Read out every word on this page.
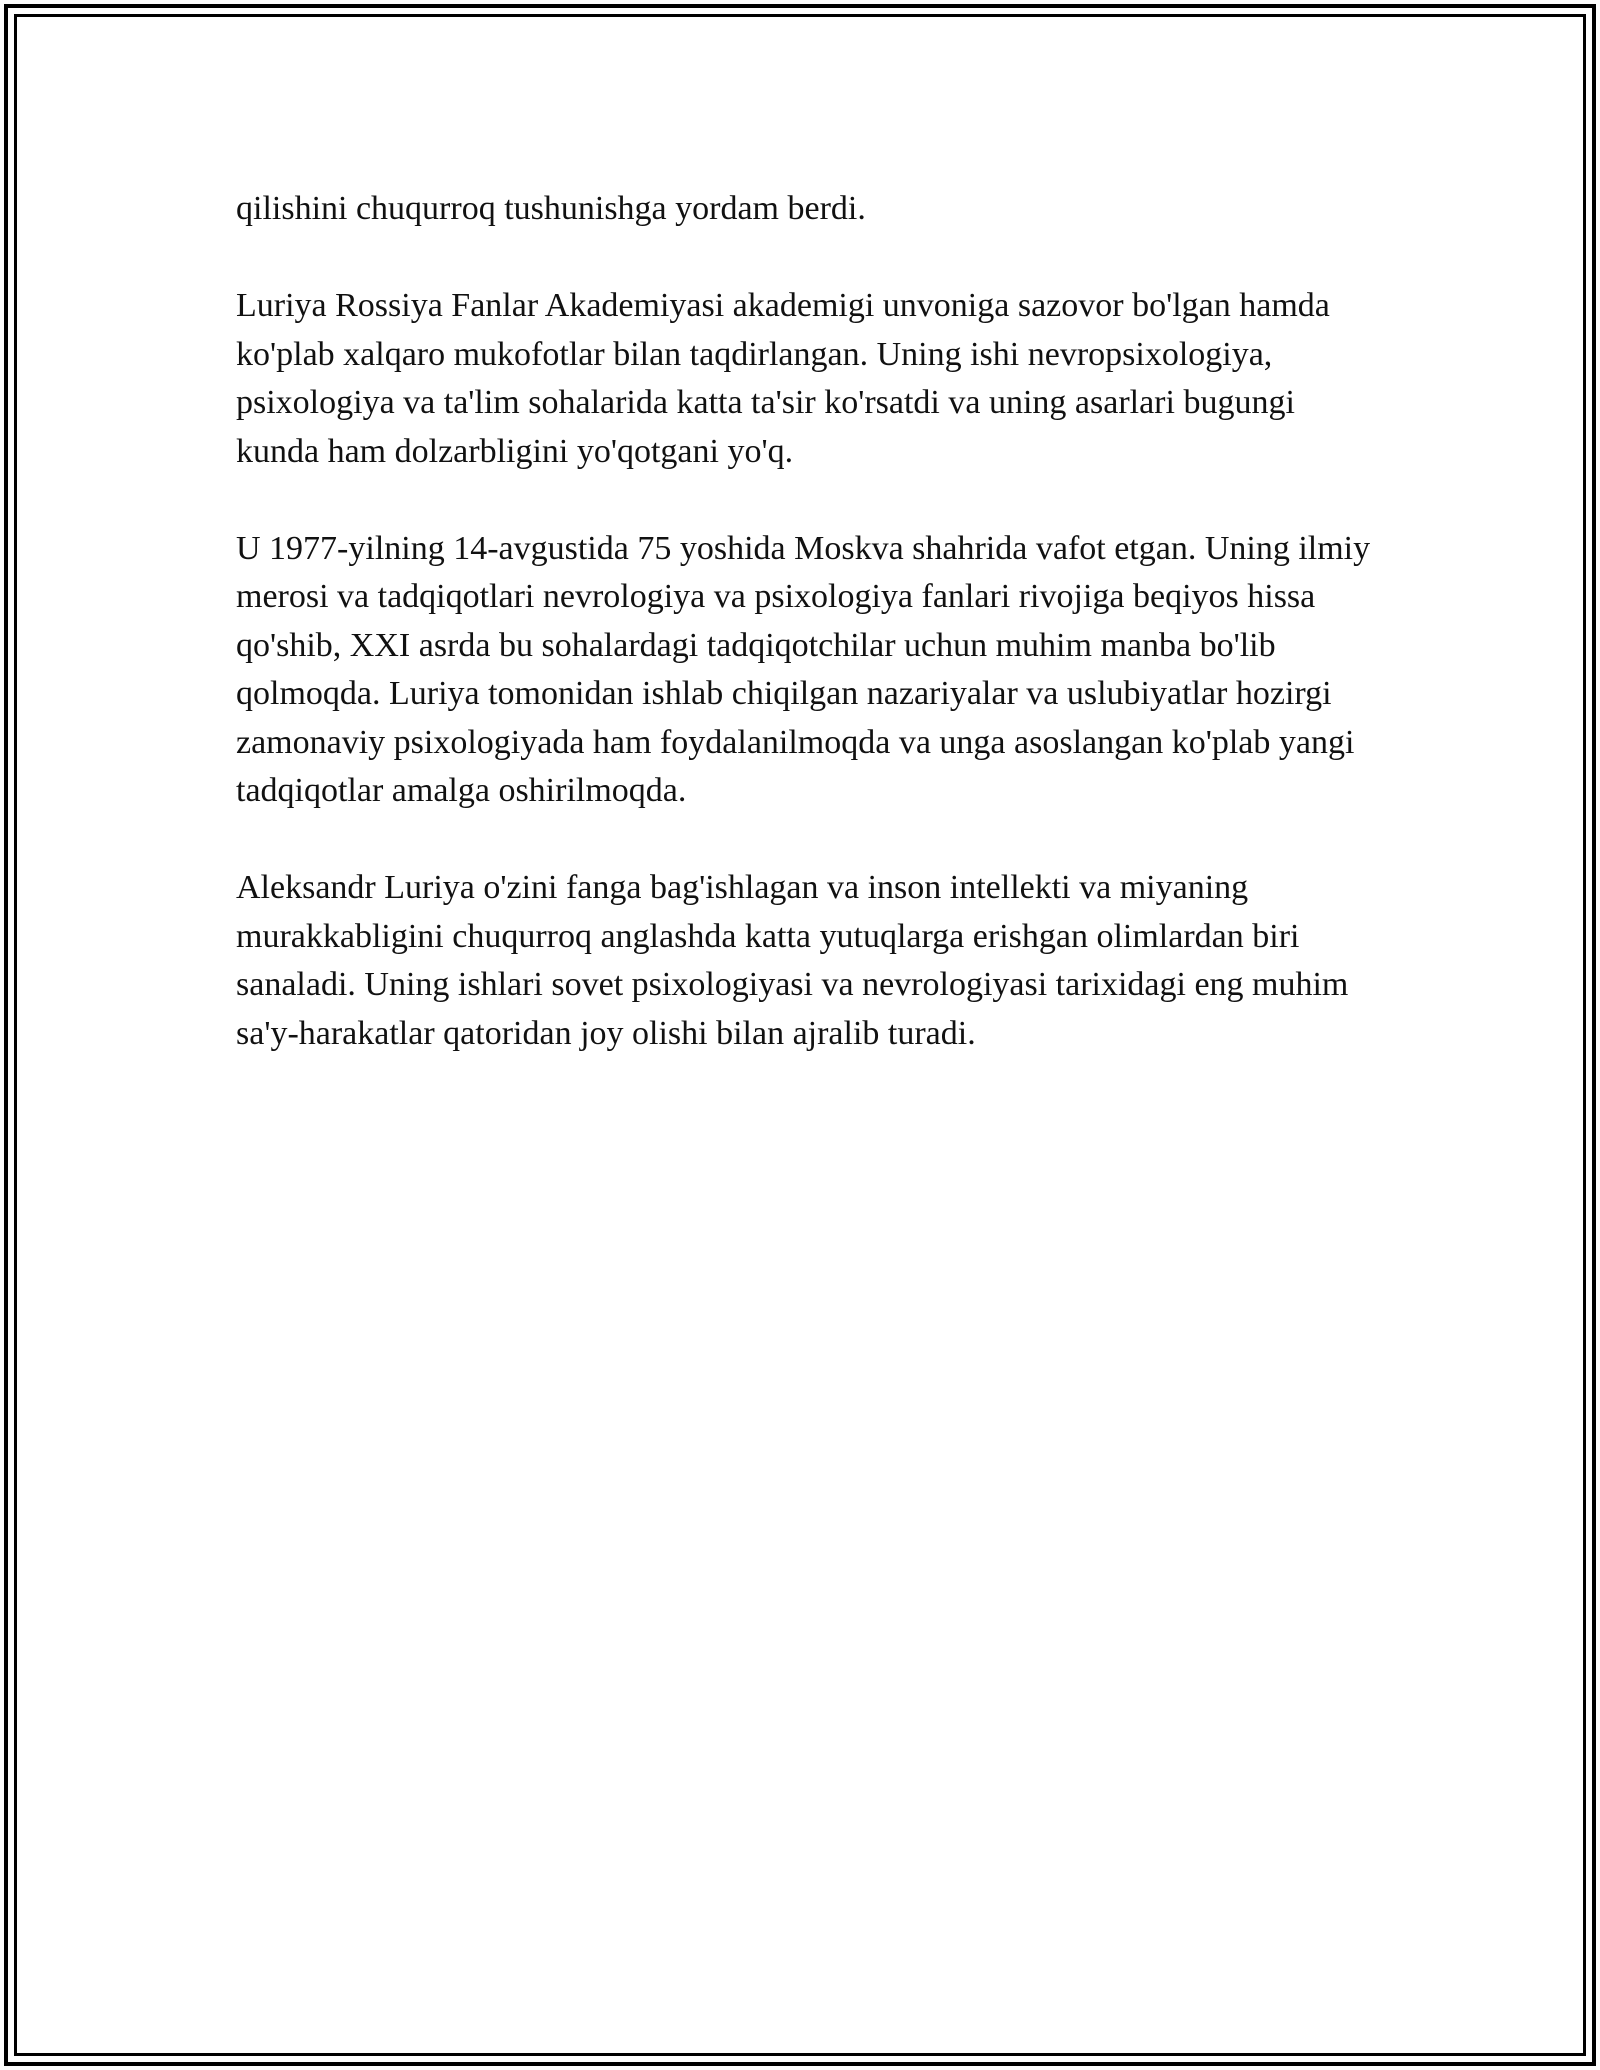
qilishini chuqurroq tushunishga yordam berdi.

Luriya Rossiya Fanlar Akademiyasi akademigi unvoniga sazovor bo'lgan hamda ko'plab xalqaro mukofotlar bilan taqdirlangan. Uning ishi nevropsixologiya, psixologiya va ta'lim sohalarida katta ta'sir ko'rsatdi va uning asarlari bugungi kunda ham dolzarbligini yo'qotgani yo'q.

U 1977-yilning 14-avgustida 75 yoshida Moskva shahrida vafot etgan. Uning ilmiy merosi va tadqiqotlari nevrologiya va psixologiya fanlari rivojiga beqiyos hissa qo'shib, XXI asrda bu sohalardagi tadqiqotchilar uchun muhim manba bo'lib qolmoqda. Luriya tomonidan ishlab chiqilgan nazariyalar va uslubiyatlar hozirgi zamonaviy psixologiyada ham foydalanilmoqda va unga asoslangan ko'plab yangi tadqiqotlar amalga oshirilmoqda.

Aleksandr Luriya o'zini fanga bag'ishlagan va inson intellekti va miyaning murakkabligini chuqurroq anglashda katta yutuqlarga erishgan olimlardan biri sanaladi. Uning ishlari sovet psixologiyasi va nevrologiyasi tarixidagi eng muhim sa'y-harakatlar qatoridan joy olishi bilan ajralib turadi.
